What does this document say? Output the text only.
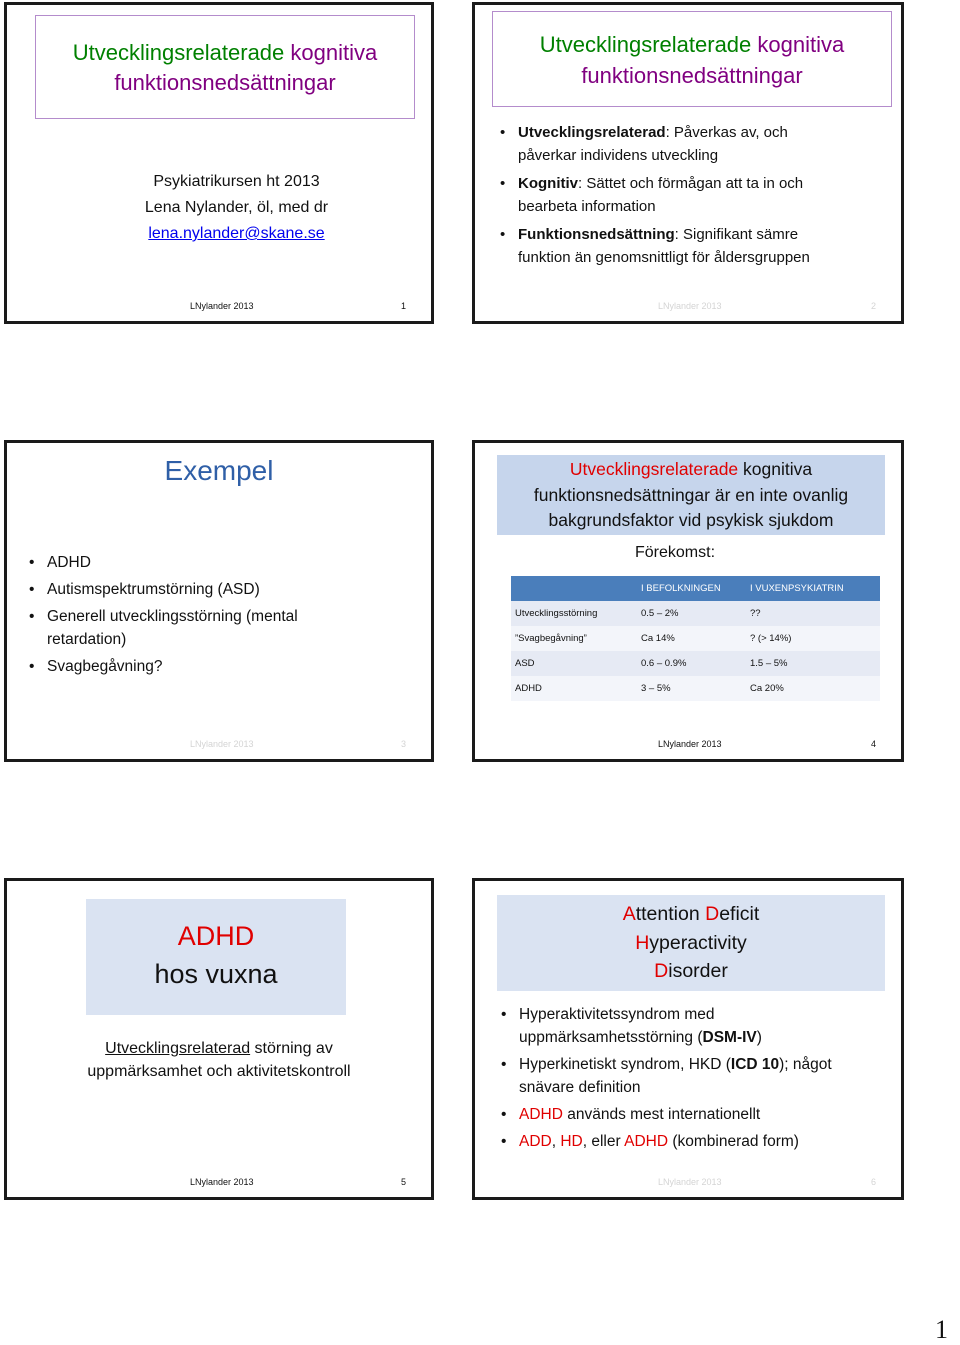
Utvecklingsrelaterade kognitiva
funktionsnedsättningar
Psykiatrikursen ht 2013
Lena Nylander, öl, med dr
lena.nylander@skane.se
LNylander 2013	1
Utvecklingsrelaterade kognitiva
funktionsnedsättningar
• Utvecklingsrelaterad: Påverkas av, och
påverkar individens utveckling
• Kognitiv: Sättet och förmågan att ta in och
bearbeta information
• Funktionsnedsättning: Signifikant sämre
funktion än genomsnittligt för åldersgruppen
LNylander 2013	2
Exempel
• ADHD
• Autismspektrumstörning (ASD)
• Generell utvecklingsstörning (mental
retardation)
• Svagbegåvning?
LNylander 2013	3
Utvecklingsrelaterade kognitiva
funktionsnedsättningar är en inte ovanlig
bakgrundsfaktor vid psykisk sjukdom
Förekomst:
	I BEFOLKNINGEN	I VUXENPSYKIATRIN
Utvecklingsstörning	0.5 – 2%	??
”Svagbegåvning”	Ca 14%	? (> 14%)
ASD	0.6 – 0.9%	1.5 – 5%
ADHD	3 – 5%	Ca 20%
LNylander 2013	4
ADHD
hos vuxna
Utvecklingsrelaterad störning av
uppmärksamhet och aktivitetskontroll
LNylander 2013	5
Attention Deficit
Hyperactivity
Disorder
• Hyperaktivitetssyndrom med
uppmärksamhetsstörning (DSM-IV)
• Hyperkinetiskt syndrom, HKD (ICD 10); något
snävare definition
• ADHD används mest internationellt
• ADD, HD, eller ADHD (kombinerad form)
LNylander 2013	6
1
